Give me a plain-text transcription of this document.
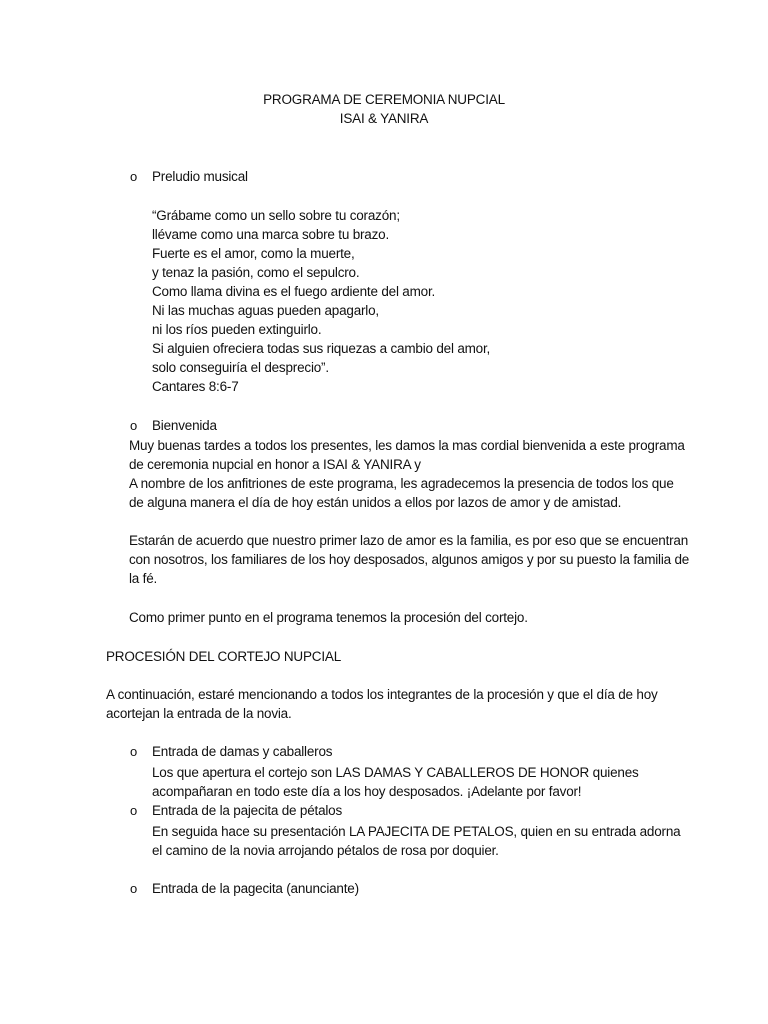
PROGRAMA DE CEREMONIA NUPCIAL
ISAI & YANIRA
o Preludio musical
“Grábame como un sello sobre tu corazón;
llévame como una marca sobre tu brazo.
Fuerte es el amor, como la muerte,
y tenaz la pasión, como el sepulcro.
Como llama divina es el fuego ardiente del amor.
Ni las muchas aguas pueden apagarlo,
ni los ríos pueden extinguirlo.
Si alguien ofreciera todas sus riquezas a cambio del amor,
solo conseguiría el desprecio”.
Cantares 8:6-7
o Bienvenida
Muy buenas tardes a todos los presentes, les damos la mas cordial bienvenida a este programa
de ceremonia nupcial en honor a ISAI & YANIRA y
A nombre de los anfitriones de este programa, les agradecemos la presencia de todos los que
de alguna manera el día de hoy están unidos a ellos por lazos de amor y de amistad.
Estarán de acuerdo que nuestro primer lazo de amor es la familia, es por eso que se encuentran
con nosotros, los familiares de los hoy desposados, algunos amigos y por su puesto la familia de
la fé.
Como primer punto en el programa tenemos la procesión del cortejo.
PROCESIÓN DEL CORTEJO NUPCIAL
A continuación, estaré mencionando a todos los integrantes de la procesión y que el día de hoy
acortejan la entrada de la novia.
o Entrada de damas y caballeros
Los que apertura el cortejo son LAS DAMAS Y CABALLEROS DE HONOR quienes
acompañaran en todo este día a los hoy desposados. ¡Adelante por favor!
o Entrada de la pajecita de pétalos
En seguida hace su presentación LA PAJECITA DE PETALOS, quien en su entrada adorna
el camino de la novia arrojando pétalos de rosa por doquier.
o Entrada de la pagecita (anunciante)
